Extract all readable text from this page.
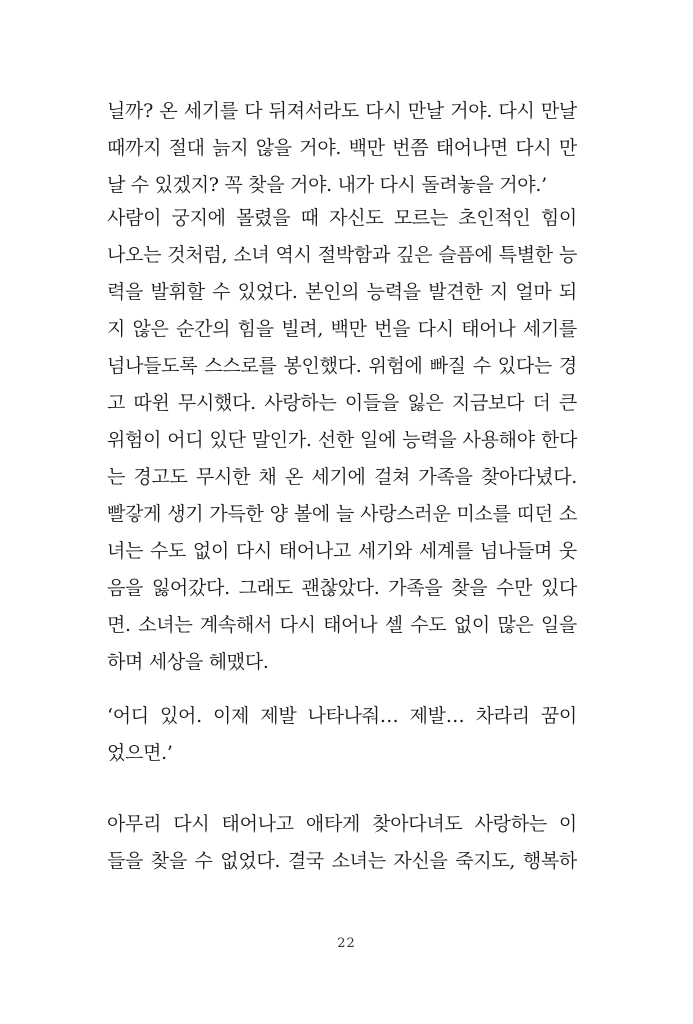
닐까? 온 세기를 다 뒤져서라도 다시 만날 거야. 다시 만날
때까지 절대 늙지 않을 거야. 백만 번쯤 태어나면 다시 만
날 수 있겠지? 꼭 찾을 거야. 내가 다시 돌려놓을 거야.’
사람이 궁지에 몰렸을 때 자신도 모르는 초인적인 힘이
나오는 것처럼, 소녀 역시 절박함과 깊은 슬픔에 특별한 능
력을 발휘할 수 있었다. 본인의 능력을 발견한 지 얼마 되
지 않은 순간의 힘을 빌려, 백만 번을 다시 태어나 세기를
넘나들도록 스스로를 봉인했다. 위험에 빠질 수 있다는 경
고 따윈 무시했다. 사랑하는 이들을 잃은 지금보다 더 큰
위험이 어디 있단 말인가. 선한 일에 능력을 사용해야 한다
는 경고도 무시한 채 온 세기에 걸쳐 가족을 찾아다녔다.
빨갛게 생기 가득한 양 볼에 늘 사랑스러운 미소를 띠던 소
녀는 수도 없이 다시 태어나고 세기와 세계를 넘나들며 웃
음을 잃어갔다. 그래도 괜찮았다. 가족을 찾을 수만 있다
면. 소녀는 계속해서 다시 태어나 셀 수도 없이 많은 일을
하며 세상을 헤맸다.
‘어디 있어. 이제 제발 나타나줘… 제발… 차라리 꿈이
었으면.’
아무리 다시 태어나고 애타게 찾아다녀도 사랑하는 이
들을 찾을 수 없었다. 결국 소녀는 자신을 죽지도, 행복하
22
